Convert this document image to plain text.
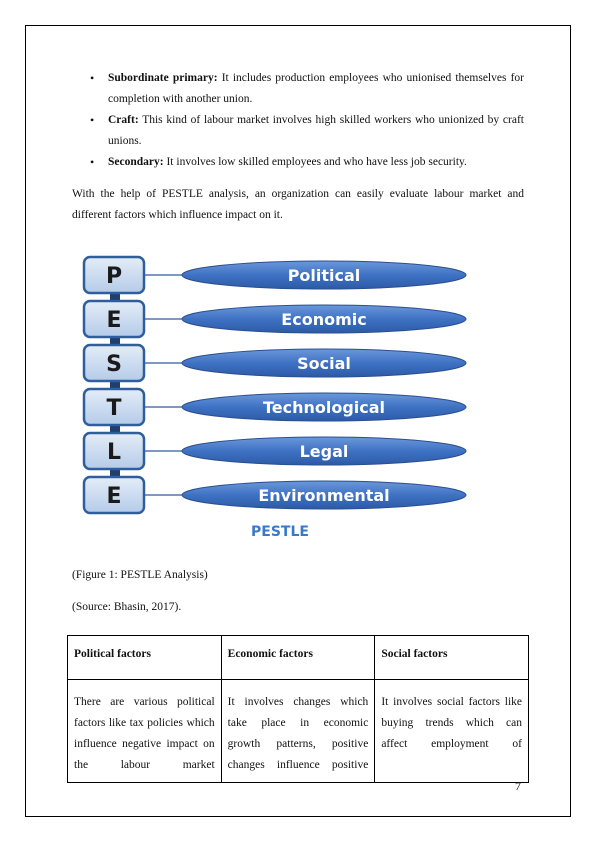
• Subordinate primary: It includes production employees who unionised themselves for completion with another union.
• Craft: This kind of labour market involves high skilled workers who unionized by craft unions.
• Secondary: It involves low skilled employees and who have less job security.

With the help of PESTLE analysis, an organization can easily evaluate labour market and different factors which influence impact on it.

P	Political
E	Economic
S	Social
T	Technological
L	Legal
E	Environmental
PESTLE

(Figure 1: PESTLE Analysis)

(Source: Bhasin, 2017).

Political factors	Economic factors	Social factors

There are various political factors like tax policies which influence negative impact on the labour market	It involves changes which take place in economic growth patterns, positive changes influence positive	It involves social factors like buying trends which can affect employment of
7
